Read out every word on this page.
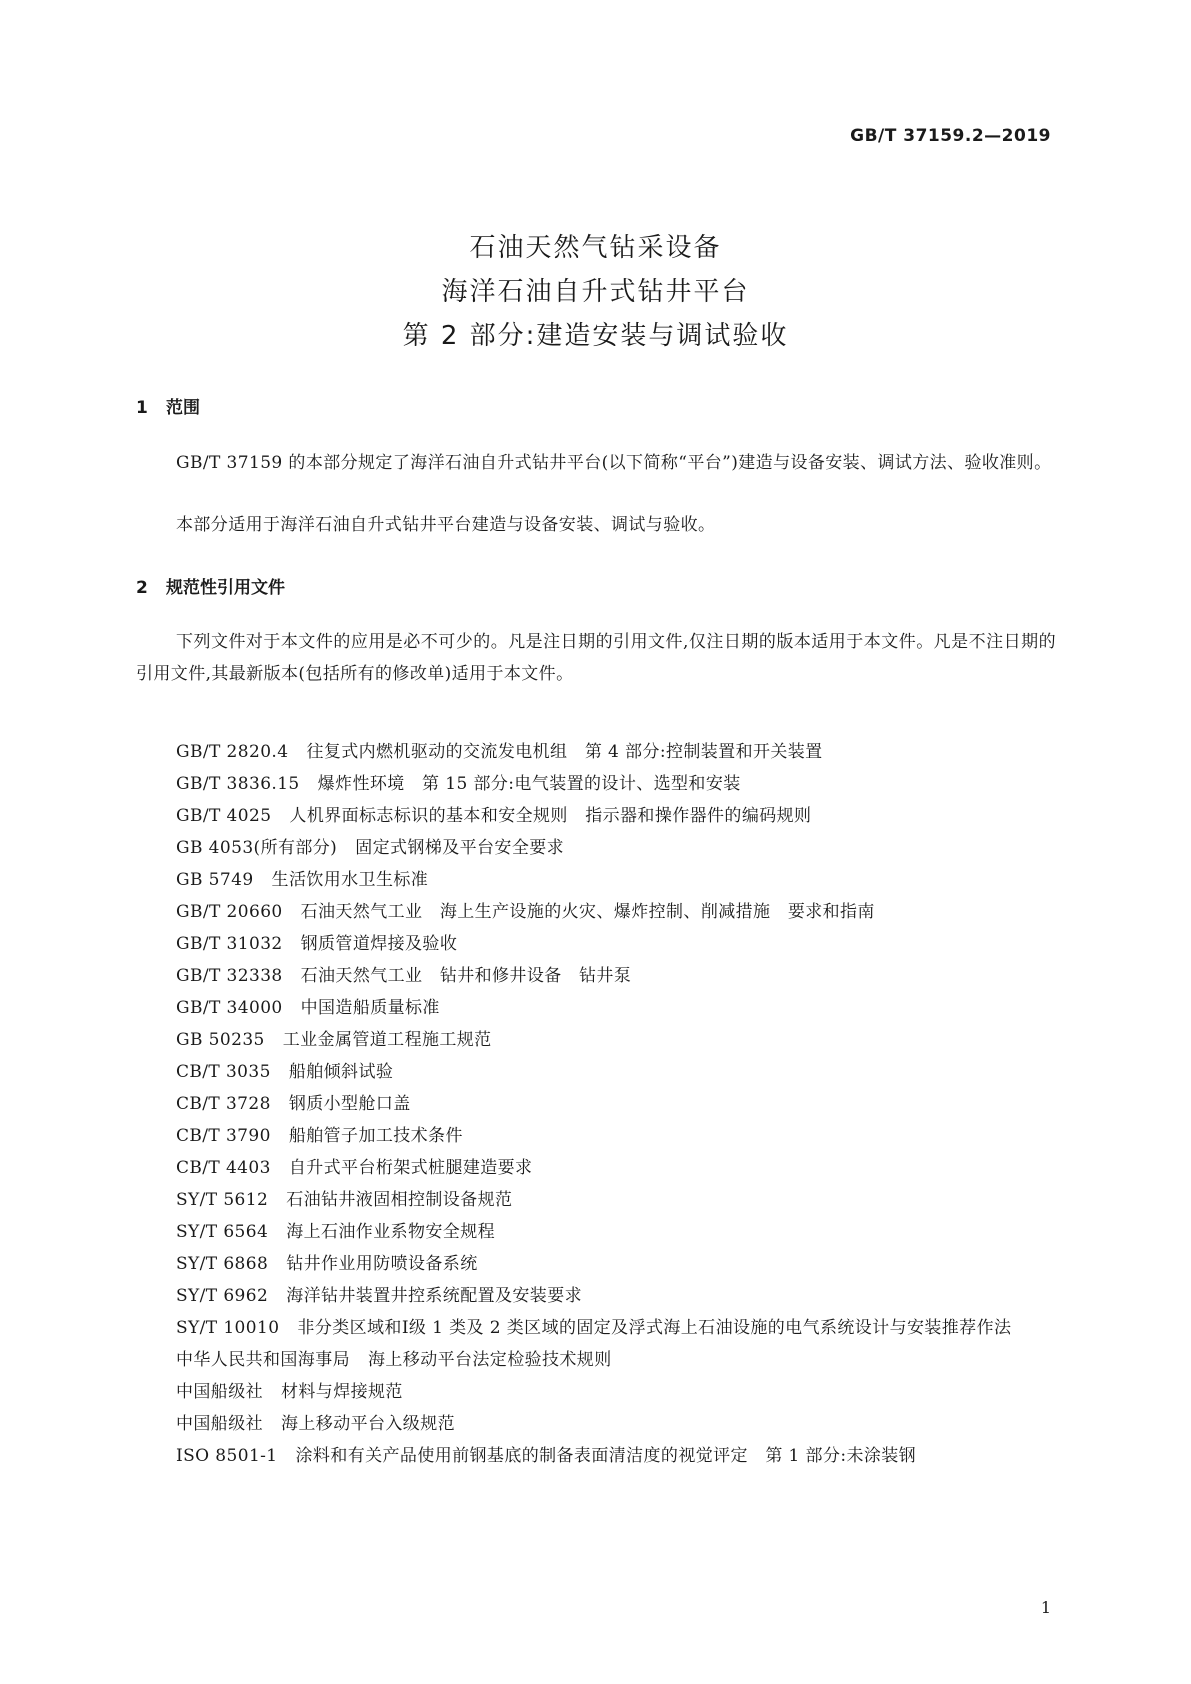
GB/T 37159.2—2019
石油天然气钻采设备
海洋石油自升式钻井平台
第 2 部分:建造安装与调试验收
1 范围

GB/T 37159 的本部分规定了海洋石油自升式钻井平台(以下简称“平台”)建造与设备安装、调试方法、验收准则。

本部分适用于海洋石油自升式钻井平台建造与设备安装、调试与验收。

2 规范性引用文件

下列文件对于本文件的应用是必不可少的。凡是注日期的引用文件,仅注日期的版本适用于本文件。凡是不注日期的引用文件,其最新版本(包括所有的修改单)适用于本文件。

GB/T 2820.4 往复式内燃机驱动的交流发电机组　第 4 部分:控制装置和开关装置
GB/T 3836.15 爆炸性环境　第 15 部分:电气装置的设计、选型和安装
GB/T 4025 人机界面标志标识的基本和安全规则　指示器和操作器件的编码规则
GB 4053(所有部分) 固定式钢梯及平台安全要求
GB 5749 生活饮用水卫生标准
GB/T 20660 石油天然气工业　海上生产设施的火灾、爆炸控制、削减措施　要求和指南
GB/T 31032 钢质管道焊接及验收
GB/T 32338 石油天然气工业　钻井和修井设备　钻井泵
GB/T 34000 中国造船质量标准
GB 50235 工业金属管道工程施工规范
CB/T 3035 船舶倾斜试验
CB/T 3728 钢质小型舱口盖
CB/T 3790 船舶管子加工技术条件
CB/T 4403 自升式平台桁架式桩腿建造要求
SY/T 5612 石油钻井液固相控制设备规范
SY/T 6564 海上石油作业系物安全规程
SY/T 6868 钻井作业用防喷设备系统
SY/T 6962 海洋钻井装置井控系统配置及安装要求
SY/T 10010 非分类区域和Ⅰ级 1 类及 2 类区域的固定及浮式海上石油设施的电气系统设计与安装推荐作法
中华人民共和国海事局 海上移动平台法定检验技术规则
中国船级社 材料与焊接规范
中国船级社 海上移动平台入级规范
ISO 8501-1 涂料和有关产品使用前钢基底的制备表面清洁度的视觉评定　第 1 部分:未涂装钢
1
